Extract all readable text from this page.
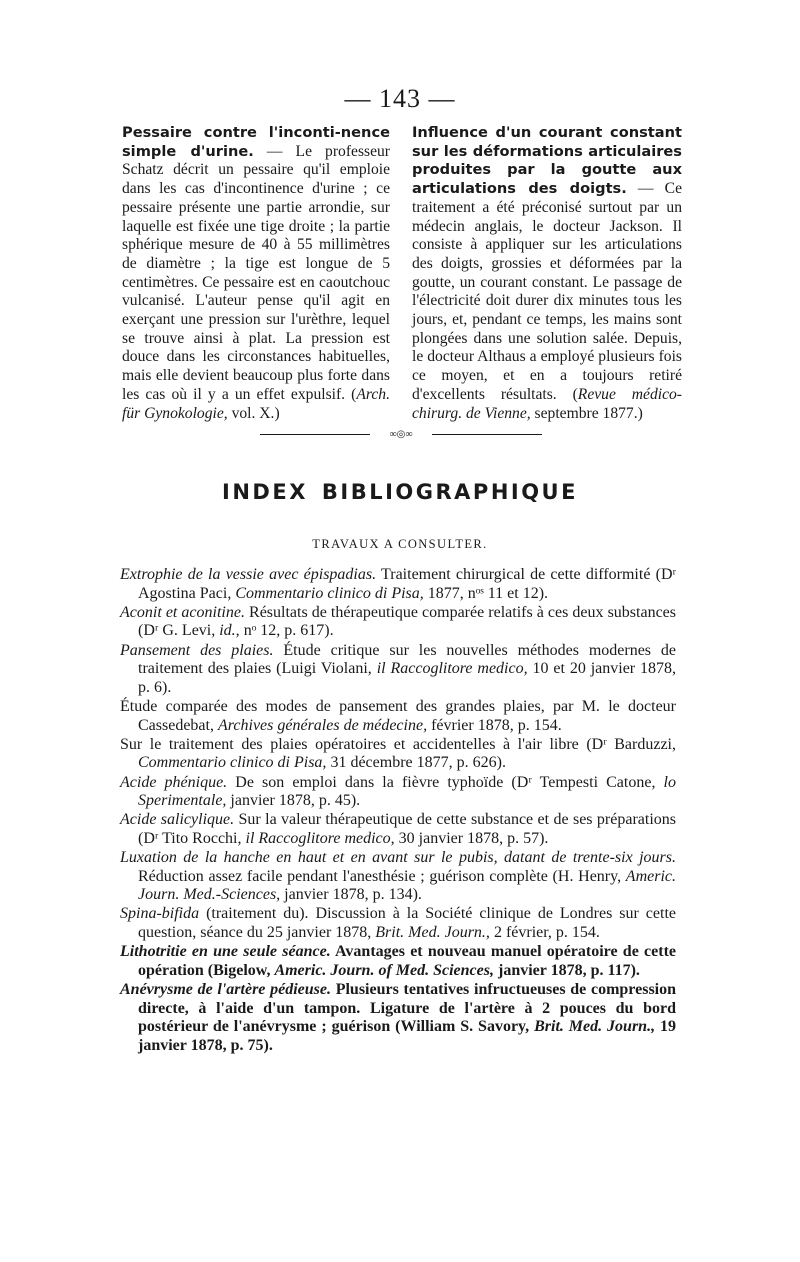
— 143 —
Pessaire contre l'inconti-nence simple d'urine. — Le professeur Schatz décrit un pessaire qu'il emploie dans les cas d'incontinence d'urine ; ce pessaire présente une partie arrondie, sur laquelle est fixée une tige droite ; la partie sphérique mesure de 40 à 55 millimètres de diamètre ; la tige est longue de 5 centimètres. Ce pessaire est en caoutchouc vulcanisé. L'auteur pense qu'il agit en exerçant une pression sur l'urèthre, lequel se trouve ainsi à plat. La pression est douce dans les circonstances habituelles, mais elle devient beaucoup plus forte dans les cas où il y a un effet expulsif. (Arch. für Gynokologie, vol. X.)
Influence d'un courant constant sur les déformations articulaires produites par la goutte aux articulations des doigts. — Ce traitement a été préconisé surtout par un médecin anglais, le docteur Jackson. Il consiste à appliquer sur les articulations des doigts, grossies et déformées par la goutte, un courant constant. Le passage de l'électricité doit durer dix minutes tous les jours, et, pendant ce temps, les mains sont plongées dans une solution salée. Depuis, le docteur Althaus a employé plusieurs fois ce moyen, et en a toujours retiré d'excellents résultats. (Revue médico-chirurg. de Vienne, septembre 1877.)
∞◎∞
INDEX BIBLIOGRAPHIQUE
TRAVAUX A CONSULTER.

Extrophie de la vessie avec épispadias. Traitement chirurgical de cette difformité (Dʳ Agostina Paci, Commentario clinico di Pisa, 1877, nᵒˢ 11 et 12).

Aconit et aconitine. Résultats de thérapeutique comparée relatifs à ces deux substances (Dʳ G. Levi, id., nᵒ 12, p. 617).

Pansement des plaies. Étude critique sur les nouvelles méthodes modernes de traitement des plaies (Luigi Violani, il Raccoglitore medico, 10 et 20 janvier 1878, p. 6).

Étude comparée des modes de pansement des grandes plaies, par M. le docteur Cassedebat, Archives générales de médecine, février 1878, p. 154.

Sur le traitement des plaies opératoires et accidentelles à l'air libre (Dʳ Barduzzi, Commentario clinico di Pisa, 31 décembre 1877, p. 626).

Acide phénique. De son emploi dans la fièvre typhoïde (Dʳ Tempesti Catone, lo Sperimentale, janvier 1878, p. 45).

Acide salicylique. Sur la valeur thérapeutique de cette substance et de ses préparations (Dʳ Tito Rocchi, il Raccoglitore medico, 30 janvier 1878, p. 57).

Luxation de la hanche en haut et en avant sur le pubis, datant de trente-six jours. Réduction assez facile pendant l'anesthésie ; guérison complète (H. Henry, Americ. Journ. Med.-Sciences, janvier 1878, p. 134).

Spina-bifida (traitement du). Discussion à la Société clinique de Londres sur cette question, séance du 25 janvier 1878, Brit. Med. Journ., 2 février, p. 154.

Lithotritie en une seule séance. Avantages et nouveau manuel opératoire de cette opération (Bigelow, Americ. Journ. of Med. Sciences, janvier 1878, p. 117).

Anévrysme de l'artère pédieuse. Plusieurs tentatives infructueuses de compression directe, à l'aide d'un tampon. Ligature de l'artère à 2 pouces du bord postérieur de l'anévrysme ; guérison (William S. Savory, Brit. Med. Journ., 19 janvier 1878, p. 75).
